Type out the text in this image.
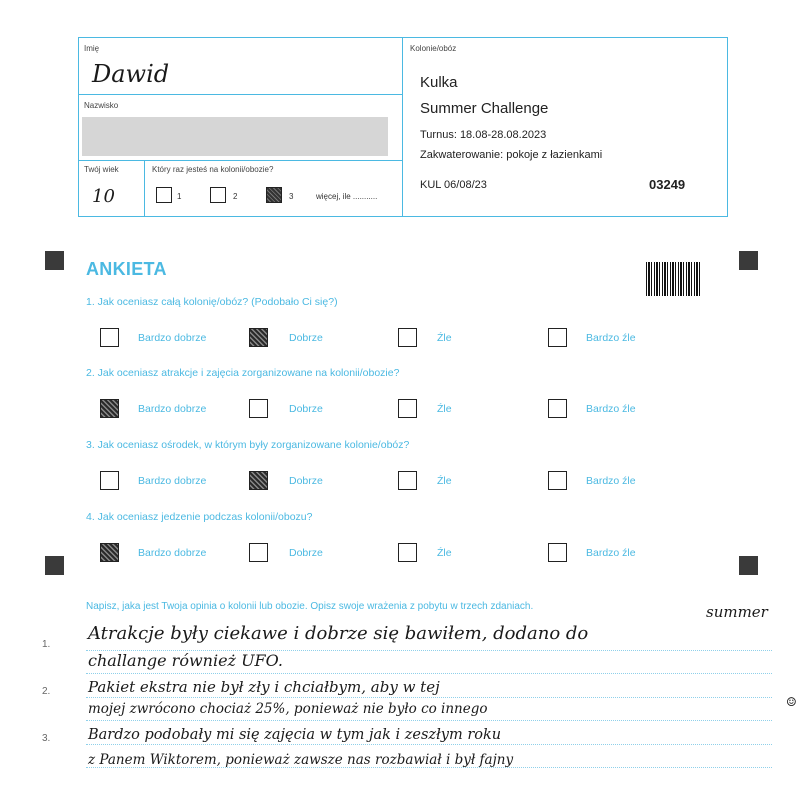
Imię
Dawid
Nazwisko
Twój wiek
10
Który raz jesteś na kolonii/obozie?
1	2	3	więcej, ile ...........
Kolonie/obóz
Kulka
Summer Challenge
Turnus: 18.08-28.08.2023
Zakwaterowanie: pokoje z łazienkami
KUL 06/08/23	03249
ANKIETA
1. Jak oceniasz całą kolonię/obóz? (Podobało Ci się?)
Bardzo dobrze	Dobrze	Źle	Bardzo źle
2. Jak oceniasz atrakcje i zajęcia zorganizowane na kolonii/obozie?
Bardzo dobrze	Dobrze	Źle	Bardzo źle
3. Jak oceniasz ośrodek, w którym były zorganizowane kolonie/obóz?
Bardzo dobrze	Dobrze	Źle	Bardzo źle
4. Jak oceniasz jedzenie podczas kolonii/obozu?
Bardzo dobrze	Dobrze	Źle	Bardzo źle
Napisz, jaka jest Twoja opinia o kolonii lub obozie. Opisz swoje wrażenia z pobytu w trzech zdaniach.
1.
2.
3.
Atrakcje były ciekawe i dobrze się bawiłem, dodano do
challange również UFO.
Pakiet ekstra nie był zły i chciałbym, aby w tej
mojej zwrócono chociaż 25%, ponieważ nie było co innego
Bardzo podobały mi się zajęcia w tym jak i zeszłym roku
z Panem Wiktorem, ponieważ zawsze nas rozbawiał i był fajny
summer
☺
